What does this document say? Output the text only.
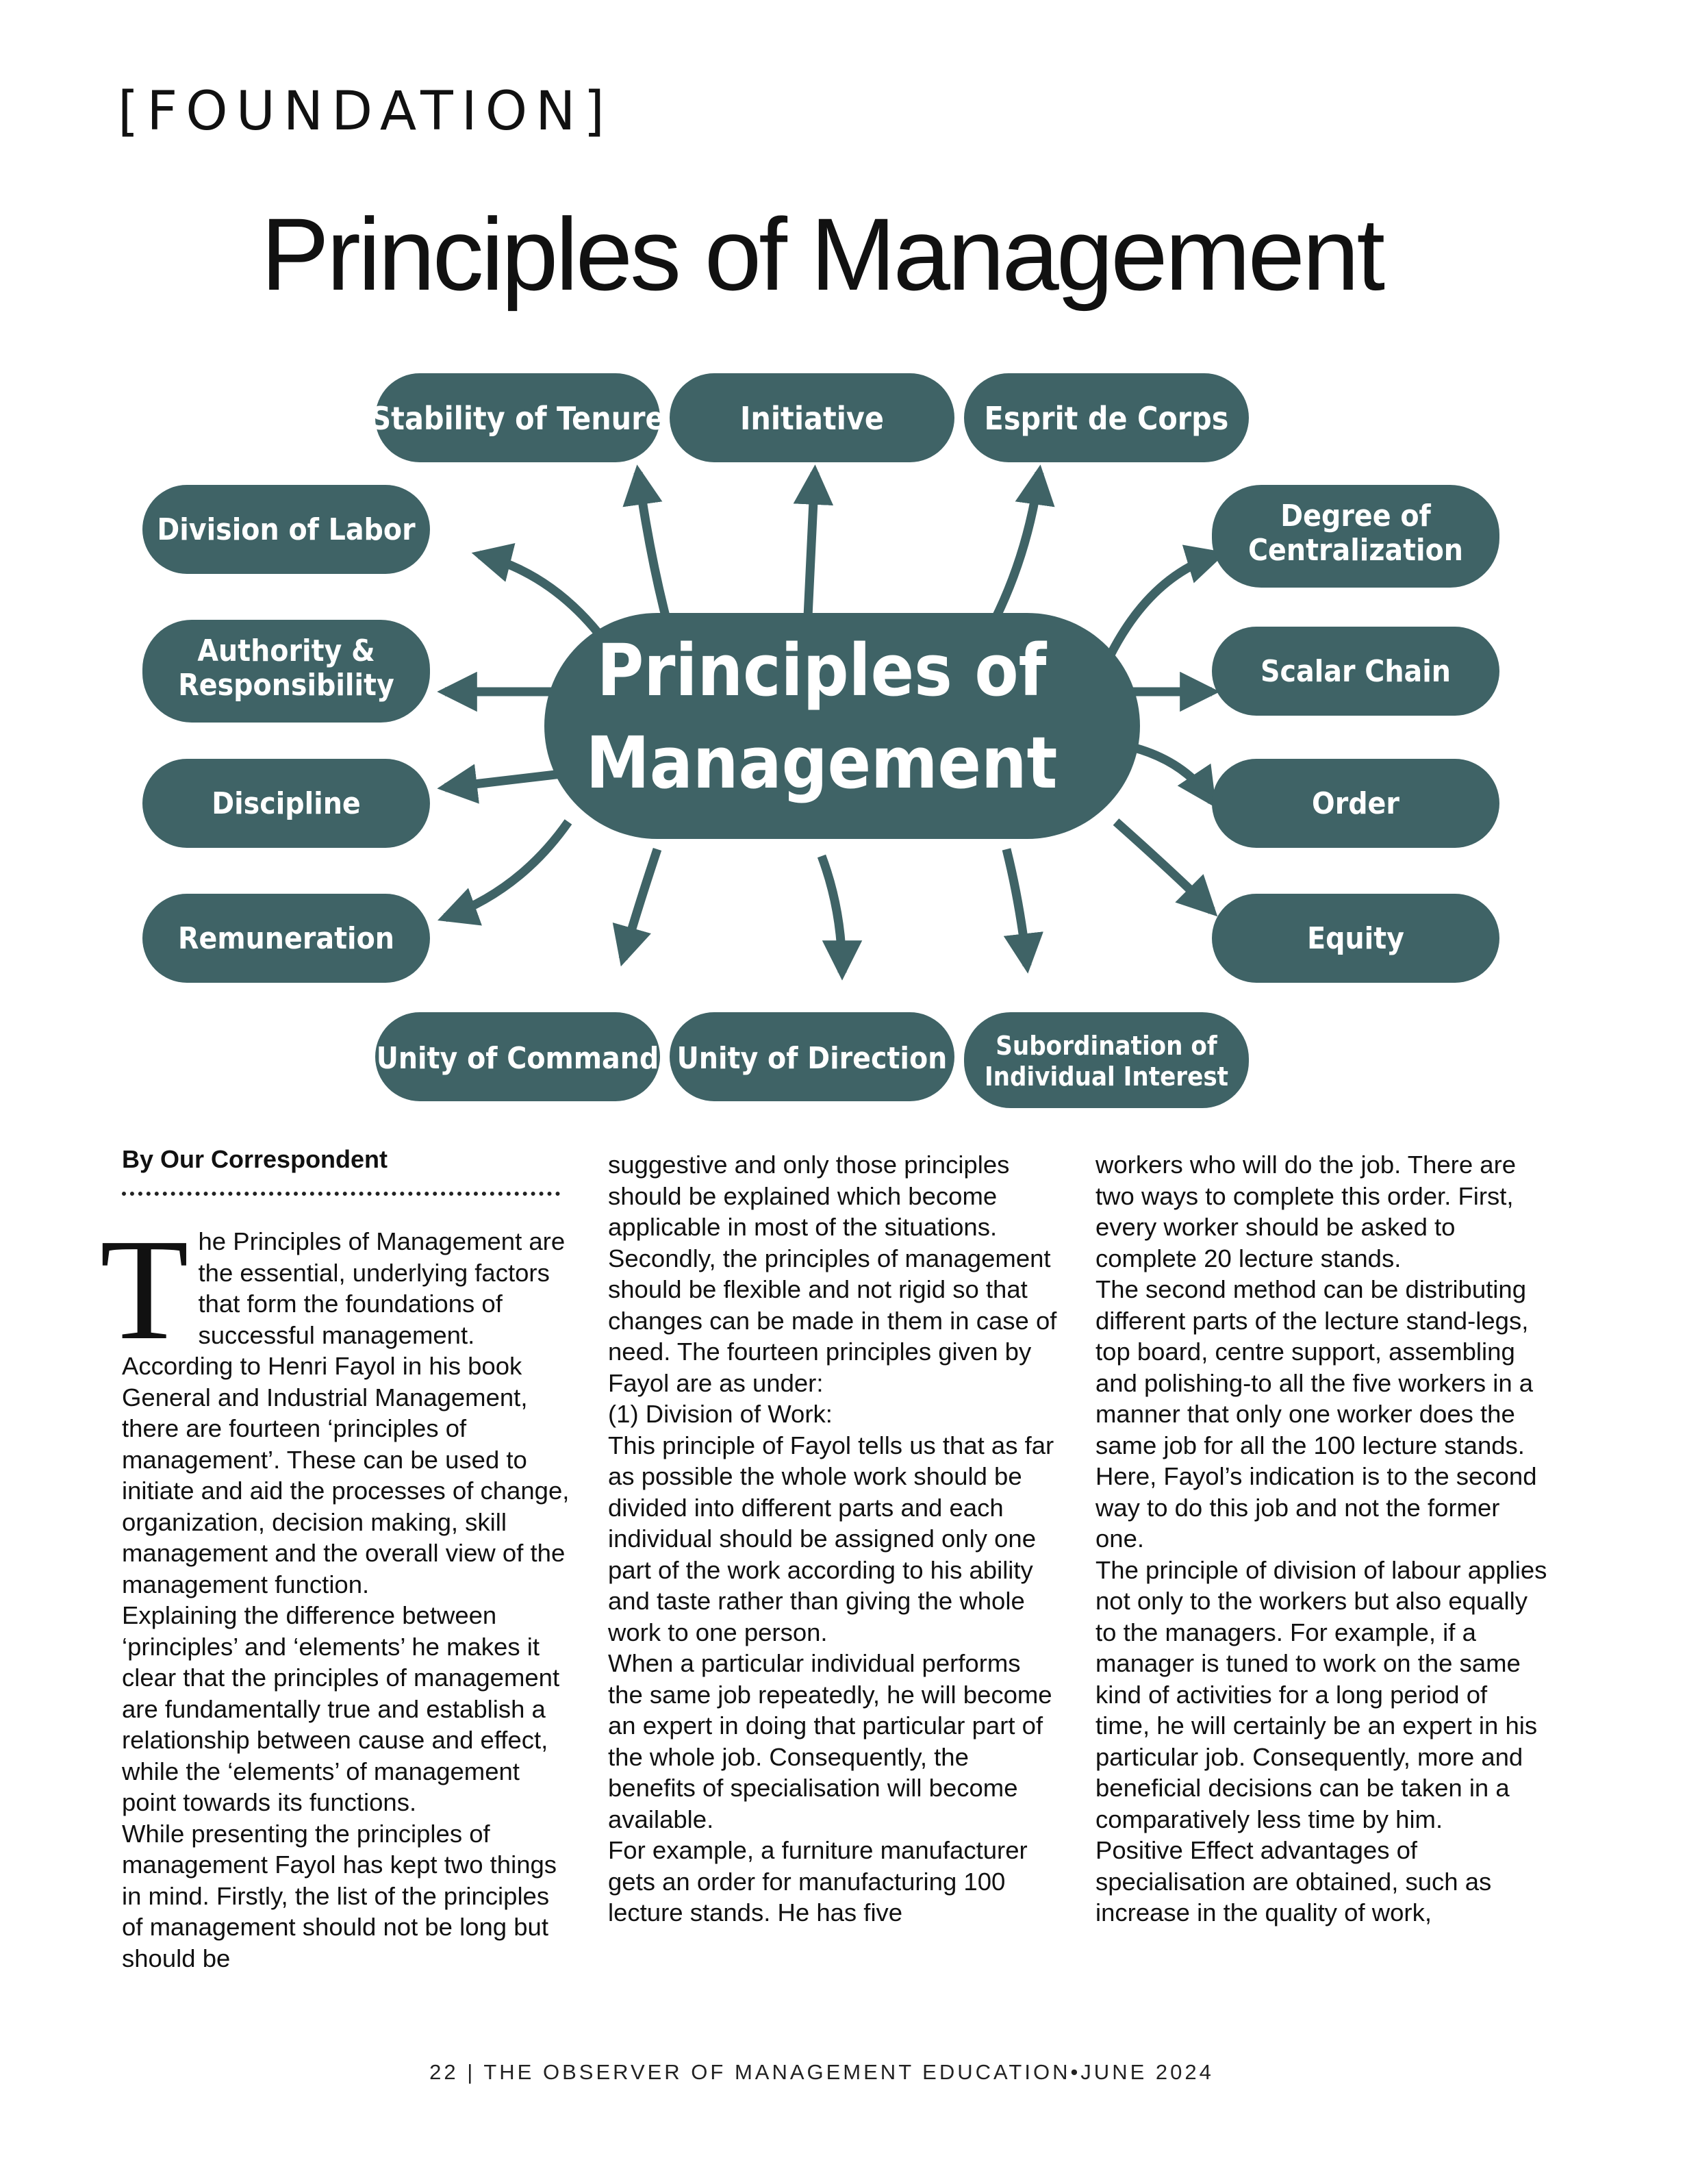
[FOUNDATION]
Principles of Management
Principles of
Management
Stability of Tenure Initiative	Esprit de Corps
Division of Labor	Degree of
Centralization
Authority &
Responsibility	Scalar Chain
Discipline	Order
Remuneration	Equity
Unity of Command Unity of Direction Subordination of
Individual Interest
By Our Correspondent

The Principles of Management are the essential, underlying factors that form the foundations of successful management. According to Henri Fayol in his book General and Industrial Management, there are fourteen ‘principles of management’. These can be used to initiate and aid the processes of change, organization, decision making, skill management and the overall view of the management function.

Explaining the difference between ‘principles’ and ‘elements’ he makes it clear that the principles of management are fundamentally true and establish a relationship between cause and effect, while the ‘elements’ of management point towards its functions.

While presenting the principles of management Fayol has kept two things in mind. Firstly, the list of the principles of management should not be long but should be

suggestive and only those principles should be explained which become applicable in most of the situations.

Secondly, the principles of management should be flexible and not rigid so that changes can be made in them in case of need. The fourteen principles given by Fayol are as under:

(1) Division of Work:

This principle of Fayol tells us that as far as possible the whole work should be divided into different parts and each individual should be assigned only one part of the work according to his ability and taste rather than giving the whole work to one person.

When a particular individual performs the same job repeatedly, he will become an expert in doing that particular part of the whole job. Consequently, the benefits of specialisation will become available.

For example, a furniture manufacturer gets an order for manufacturing 100 lecture stands. He has five

workers who will do the job. There are two ways to complete this order. First, every worker should be asked to complete 20 lecture stands.

The second method can be distributing different parts of the lecture stand-legs, top board, centre support, assembling and polishing-to all the five workers in a manner that only one worker does the same job for all the 100 lecture stands. Here, Fayol’s indication is to the second way to do this job and not the former one.

The principle of division of labour applies not only to the workers but also equally to the managers. For example, if a manager is tuned to work on the same kind of activities for a long period of time, he will certainly be an expert in his particular job. Consequently, more and beneficial decisions can be taken in a comparatively less time by him.

Positive Effect advantages of specialisation are obtained, such as increase in the quality of work,

22 | THE OBSERVER OF MANAGEMENT EDUCATION•JUNE 2024
